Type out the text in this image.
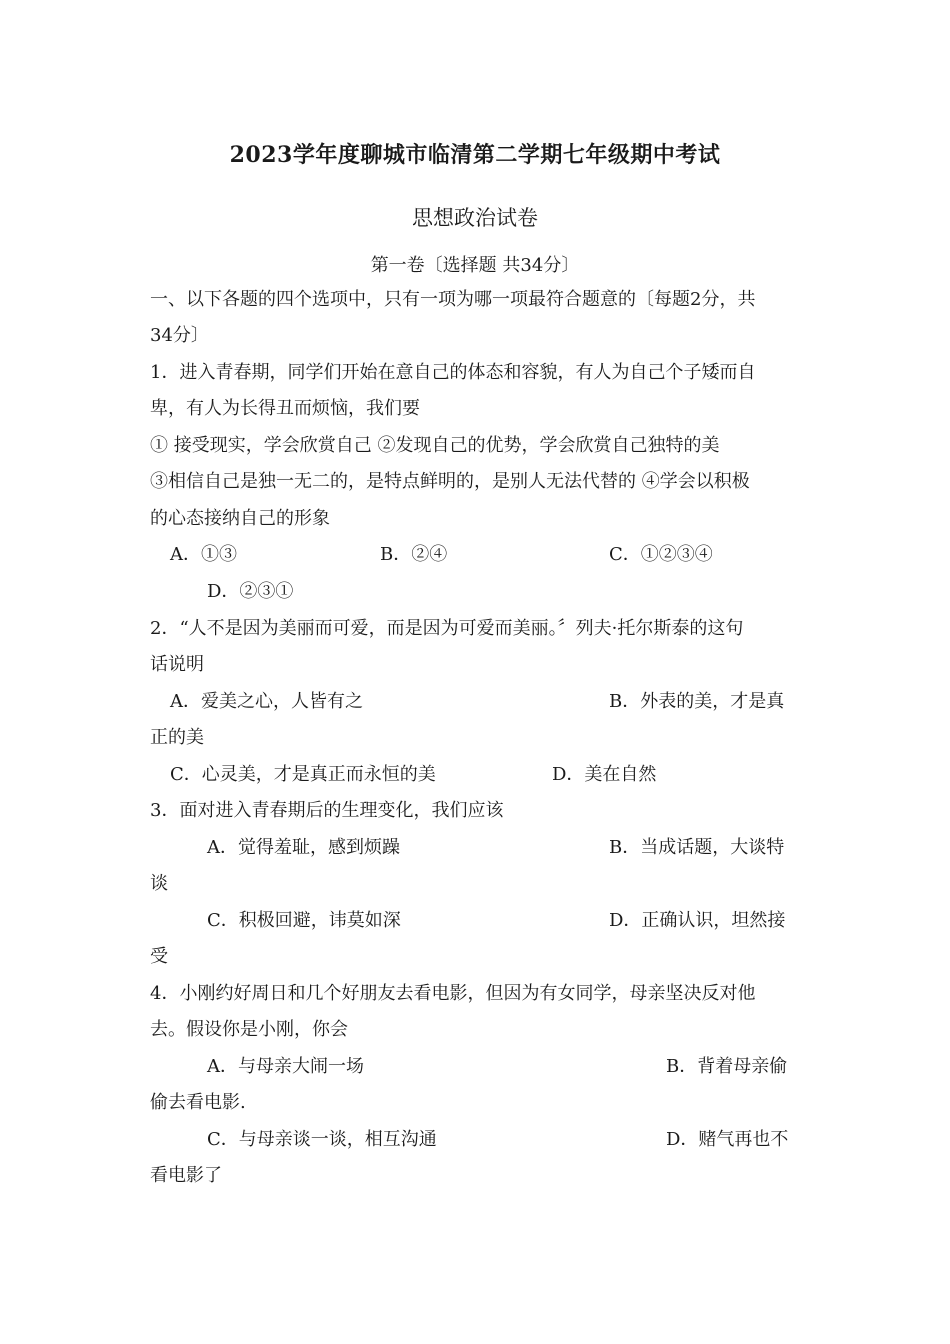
2023学年度聊城市临清第二学期七年级期中考试
思想政治试卷
第一卷〔选择题 共34分〕
一、以下各题的四个选项中，只有一项为哪一项最符合题意的〔每题2分，共
34分〕
1．进入青春期，同学们开始在意自己的体态和容貌，有人为自己个子矮而自
卑，有人为长得丑而烦恼，我们要
① 接受现实，学会欣赏自己 ②发现自己的优势，学会欣赏自己独特的美
③相信自己是独一无二的，是特点鲜明的，是别人无法代替的 ④学会以积极
的心态接纳自己的形象
A．①③	B．②④	C．①②③④
D．②③①
2．“人不是因为美丽而可爱，而是因为可爱而美丽。〞列夫·托尔斯泰的这句
话说明
A．爱美之心，人皆有之	B．外表的美，才是真
正的美
C．心灵美，才是真正而永恒的美	D．美在自然
3．面对进入青春期后的生理变化，我们应该
A．觉得羞耻，感到烦躁	B．当成话题，大谈特
谈
C．积极回避，讳莫如深	D．正确认识，坦然接
受
4．小刚约好周日和几个好朋友去看电影，但因为有女同学，母亲坚决反对他
去。假设你是小刚，你会
A．与母亲大闹一场	B．背着母亲偷
偷去看电影.
C．与母亲谈一谈，相互沟通	D．赌气再也不
看电影了
